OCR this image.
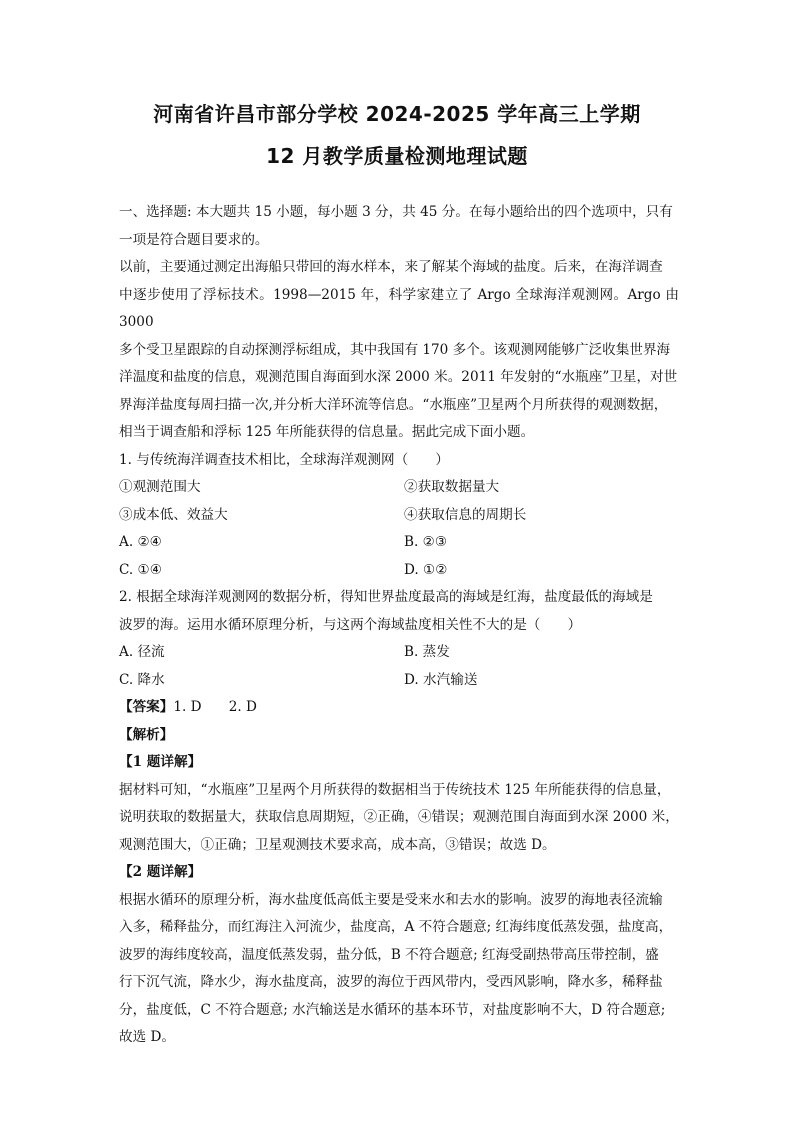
河南省许昌市部分学校 2024-2025 学年高三上学期
12 月教学质量检测地理试题

一、选择题: 本大题共 15 小题，每小题 3 分，共 45 分。在每小题给出的四个选项中，只有

一项是符合题目要求的。

以前，主要通过测定出海船只带回的海水样本，来了解某个海域的盐度。后来，在海洋调查

中逐步使用了浮标技术。1998—2015 年，科学家建立了 Argo 全球海洋观测网。Argo 由 3000

多个受卫星跟踪的自动探测浮标组成，其中我国有 170 多个。该观测网能够广泛收集世界海

洋温度和盐度的信息，观测范围自海面到水深 2000 米。2011 年发射的“水瓶座”卫星，对世

界海洋盐度每周扫描一次,并分析大洋环流等信息。“水瓶座”卫星两个月所获得的观测数据，

相当于调查船和浮标 125 年所能获得的信息量。据此完成下面小题。

1. 与传统海洋调查技术相比，全球海洋观测网（　　）

①观测范围大	②获取数据量大
③成本低、效益大	④获取信息的周期长
A. ②④	B. ②③
C. ①④	D. ①②

2. 根据全球海洋观测网的数据分析，得知世界盐度最高的海域是红海，盐度最低的海域是

波罗的海。运用水循环原理分析，与这两个海域盐度相关性不大的是（　　）

A. 径流	B. 蒸发
C. 降水	D. 水汽输送

【答案】1. D　　2. D

【解析】

【1 题详解】

据材料可知，“水瓶座”卫星两个月所获得的数据相当于传统技术 125 年所能获得的信息量，

说明获取的数据量大，获取信息周期短，②正确，④错误；观测范围自海面到水深 2000 米，

观测范围大，①正确；卫星观测技术要求高，成本高，③错误；故选 D。

【2 题详解】

根据水循环的原理分析，海水盐度低高低主要是受来水和去水的影响。波罗的海地表径流输

入多，稀释盐分，而红海注入河流少，盐度高，A 不符合题意; 红海纬度低蒸发强，盐度高，

波罗的海纬度较高，温度低蒸发弱，盐分低，B 不符合题意; 红海受副热带高压带控制，盛

行下沉气流，降水少，海水盐度高，波罗的海位于西风带内，受西风影响，降水多，稀释盐

分，盐度低，C 不符合题意; 水汽输送是水循环的基本环节，对盐度影响不大，D 符合题意;

故选 D。
